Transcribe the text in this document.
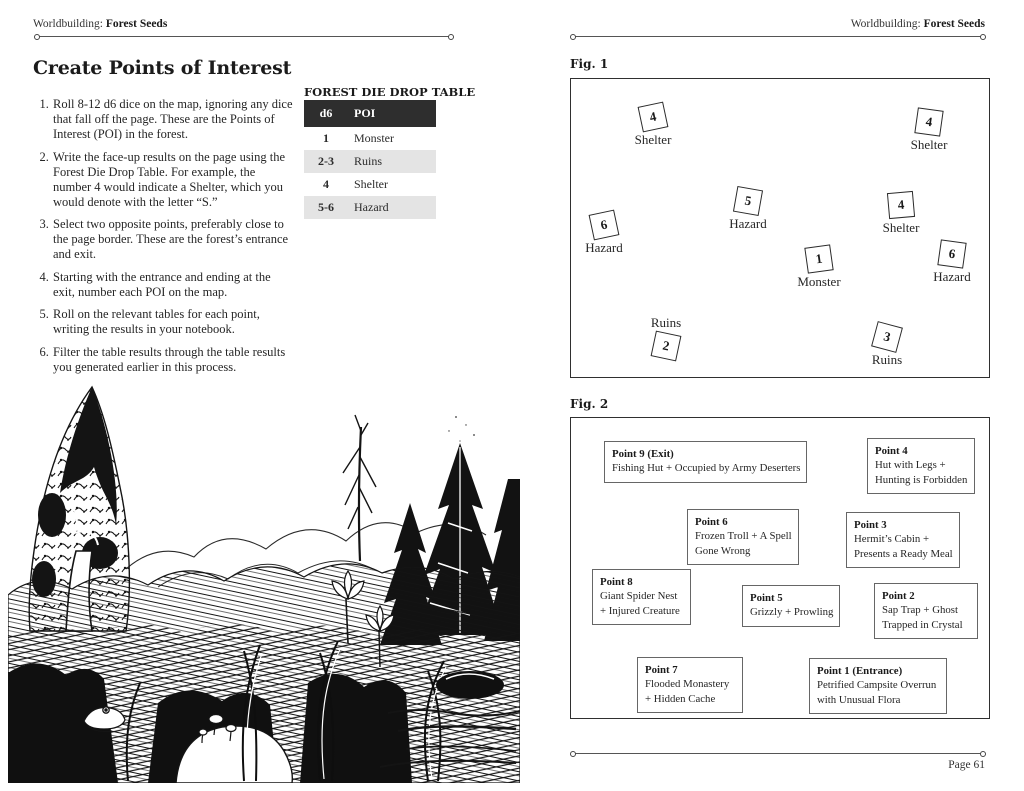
Worldbuilding: Forest Seeds
Create Points of Interest
1. Roll 8-12 d6 dice on the map, ignoring any dice that fall off the page. These are the Points of Interest (POI) in the forest.
2. Write the face-up results on the page using the Forest Die Drop Table. For example, the number 4 would indicate a Shelter, which you would denote with the letter “S.”
3. Select two opposite points, preferably close to the page border. These are the forest’s entrance and exit.
4. Starting with the entrance and ending at the exit, number each POI on the map.
5. Roll on the relevant tables for each point, writing the results in your notebook.
6. Filter the table results through the table results you generated earlier in this process.
FOREST DIE DROP TABLE
d6	POI
1	Monster
2-3	Ruins
4	Shelter
5-6	Hazard
Worldbuilding: Forest Seeds
Fig. 1
4
Shelter
4
Shelter
5
Hazard
4
Shelter
6
Hazard
1
Monster
6
Hazard
2
Ruins
3
Ruins
Fig. 2
Point 9 (Exit)
Fishing Hut + Occupied by Army Deserters
Point 4
Hut with Legs + Hunting is Forbidden
Point 6
Frozen Troll + A Spell Gone Wrong
Point 3
Hermit’s Cabin + Presents a Ready Meal
Point 8
Giant Spider Nest + Injured Creature
Point 5
Grizzly + Prowling
Point 2
Sap Trap + Ghost Trapped in Crystal
Point 7
Flooded Monastery + Hidden Cache
Point 1 (Entrance)
Petrified Campsite Overrun with Unusual Flora
Page 61
